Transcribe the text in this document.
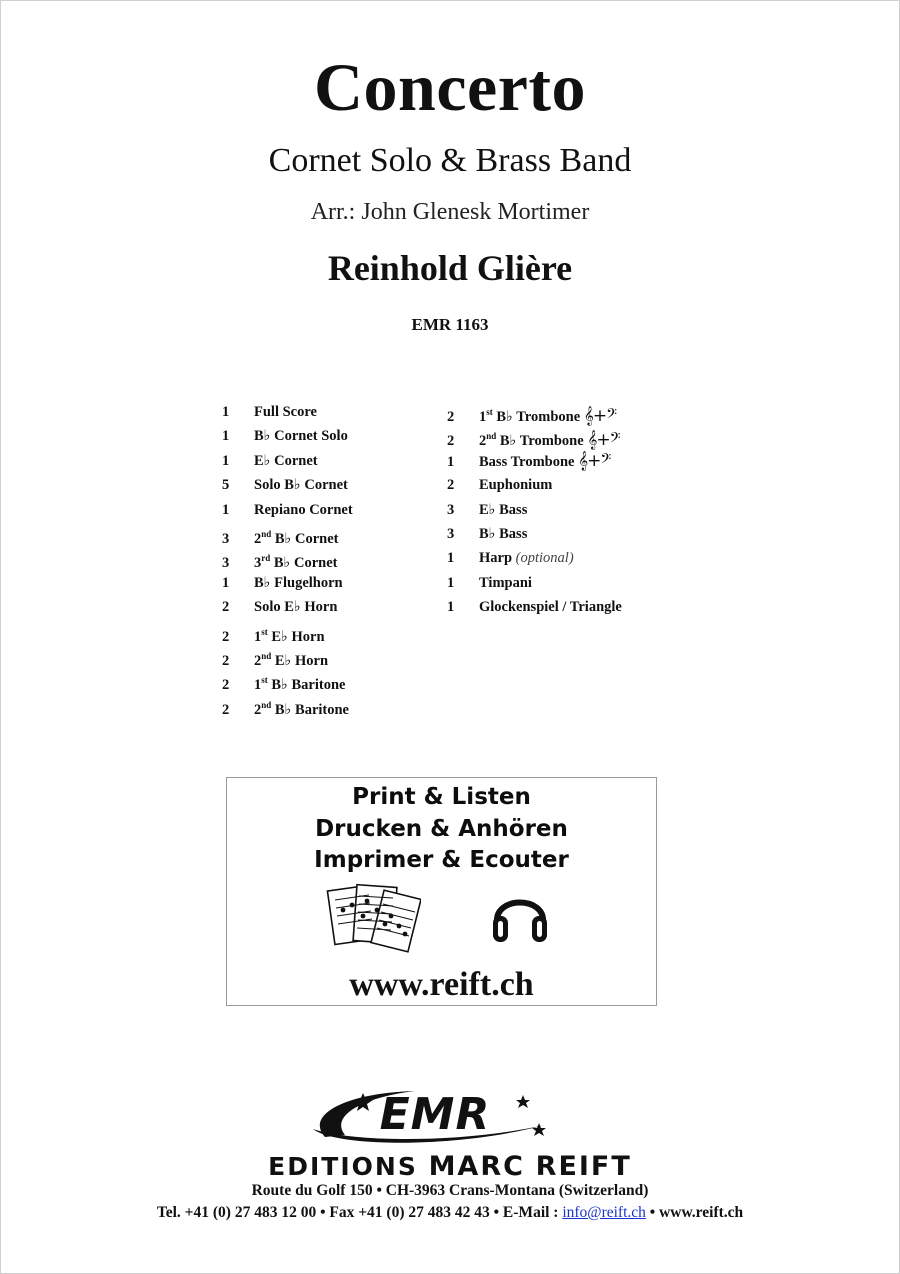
Concerto
Cornet Solo & Brass Band
Arr.: John Glenesk Mortimer
Reinhold Glière
EMR 1163
1 Full Score
1 B♭ Cornet Solo
1 E♭ Cornet
5 Solo B♭ Cornet
1 Repiano Cornet
3 2nd B♭ Cornet
3 3rd B♭ Cornet
1 B♭ Flugelhorn
2 Solo E♭ Horn
2 1st E♭ Horn
2 2nd E♭ Horn
2 1st B♭ Baritone
2 2nd B♭ Baritone
2 1st B♭ Trombone 𝄞+𝄢
2 2nd B♭ Trombone 𝄞+𝄢
1 Bass Trombone 𝄞+𝄢
2 Euphonium
3 E♭ Bass
3 B♭ Bass
1 Harp (optional)
1 Timpani
1 Glockenspiel / Triangle
Print & Listen
Drucken & Anhören
Imprimer & Ecouter
www.reift.ch
EMR
EDITIONS MARC REIFT
Route du Golf 150 • CH-3963 Crans-Montana (Switzerland)
Tel. +41 (0) 27 483 12 00 • Fax +41 (0) 27 483 42 43 • E-Mail : info@reift.ch • www.reift.ch
